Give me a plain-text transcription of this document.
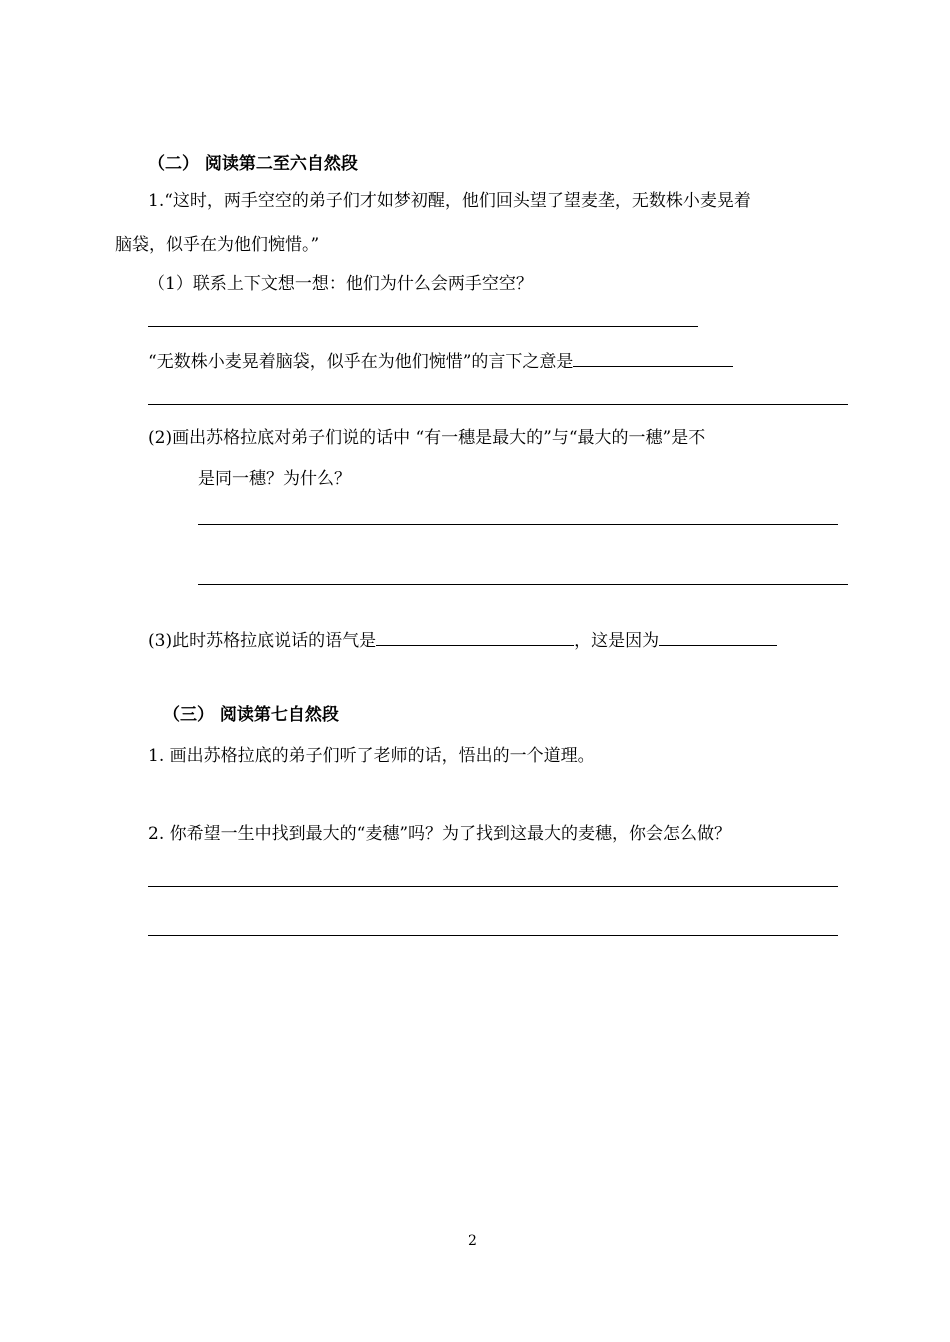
（二） 阅读第二至六自然段
1.“这时，两手空空的弟子们才如梦初醒，他们回头望了望麦垄，无数株小麦晃着
脑袋，似乎在为他们惋惜。”
（1）联系上下文想一想：他们为什么会两手空空？
“无数株小麦晃着脑袋，似乎在为他们惋惜”的言下之意是
(2)画出苏格拉底对弟子们说的话中 “有一穗是最大的”与“最大的一穗”是不
是同一穗？为什么？
(3)此时苏格拉底说话的语气是	，这是因为
（三） 阅读第七自然段
1. 画出苏格拉底的弟子们听了老师的话，悟出的一个道理。
2. 你希望一生中找到最大的“麦穗”吗？为了找到这最大的麦穗，你会怎么做？
2
